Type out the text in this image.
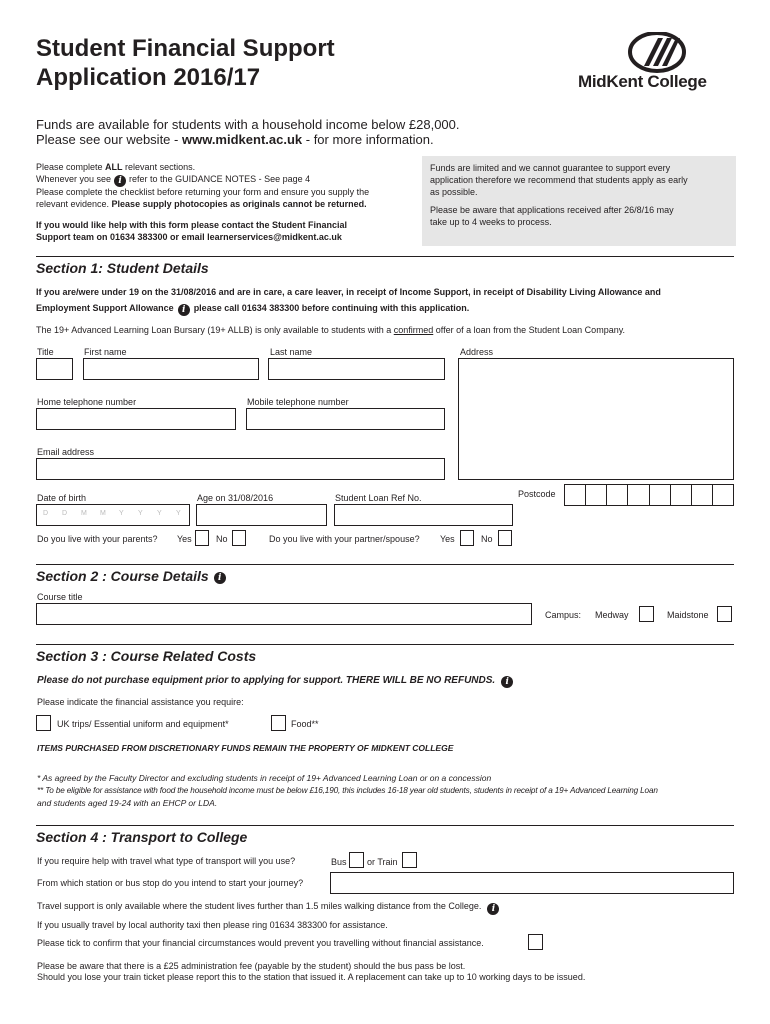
Student Financial Support
Application 2016/17	MidKent College
Funds are available for students with a household income below £28,000.
Please see our website - www.midkent.ac.uk - for more information.
Please complete ALL relevant sections.
Whenever you see i refer to the GUIDANCE NOTES - See page 4
Please complete the checklist before returning your form and ensure you supply the
relevant evidence. Please supply photocopies as originals cannot be returned.
If you would like help with this form please contact the Student Financial
Support team on 01634 383300 or email learnerservices@midkent.ac.uk
Funds are limited and we cannot guarantee to support every
application therefore we recommend that students apply as early
as possible.
Please be aware that applications received after 26/8/16 may
take up to 4 weeks to process.
Section 1: Student Details
If you are/were under 19 on the 31/08/2016 and are in care, a care leaver, in receipt of Income Support, in receipt of Disability Living Allowance and
Employment Support Allowance i please call 01634 383300 before continuing with this application.
The 19+ Advanced Learning Loan Bursary (19+ ALLB) is only available to students with a confirmed offer of a loan from the Student Loan Company.
Title	First name	Last name	Address
Home telephone number	Mobile telephone number
Email address
Postcode
Date of birth
D D M M Y Y Y Y
Age on 31/08/2016	Student Loan Ref No.
Do you live with your parents? Yes	No	Do you live with your partner/spouse? Yes	No
Section 2 : Course Details i
Course title
Campus: Medway	Maidstone
Section 3 : Course Related Costs
Please do not purchase equipment prior to applying for support. THERE WILL BE NO REFUNDS. i
Please indicate the financial assistance you require:
UK trips/ Essential uniform and equipment*	Food**
ITEMS PURCHASED FROM DISCRETIONARY FUNDS REMAIN THE PROPERTY OF MIDKENT COLLEGE
* As agreed by the Faculty Director and excluding students in receipt of 19+ Advanced Learning Loan or on a concession
** To be eligible for assistance with food the household income must be below £16,190, this includes 16-18 year old students, students in receipt of a 19+ Advanced Learning Loan
and students aged 19-24 with an EHCP or LDA.
Section 4 : Transport to College
If you require help with travel what type of transport will you use?	Bus or Train
From which station or bus stop do you intend to start your journey?
Travel support is only available where the student lives further than 1.5 miles walking distance from the College. i
If you usually travel by local authority taxi then please ring 01634 383300 for assistance.
Please tick to confirm that your financial circumstances would prevent you travelling without financial assistance.
Please be aware that there is a £25 administration fee (payable by the student) should the bus pass be lost.
Should you lose your train ticket please report this to the station that issued it. A replacement can take up to 10 working days to be issued.
